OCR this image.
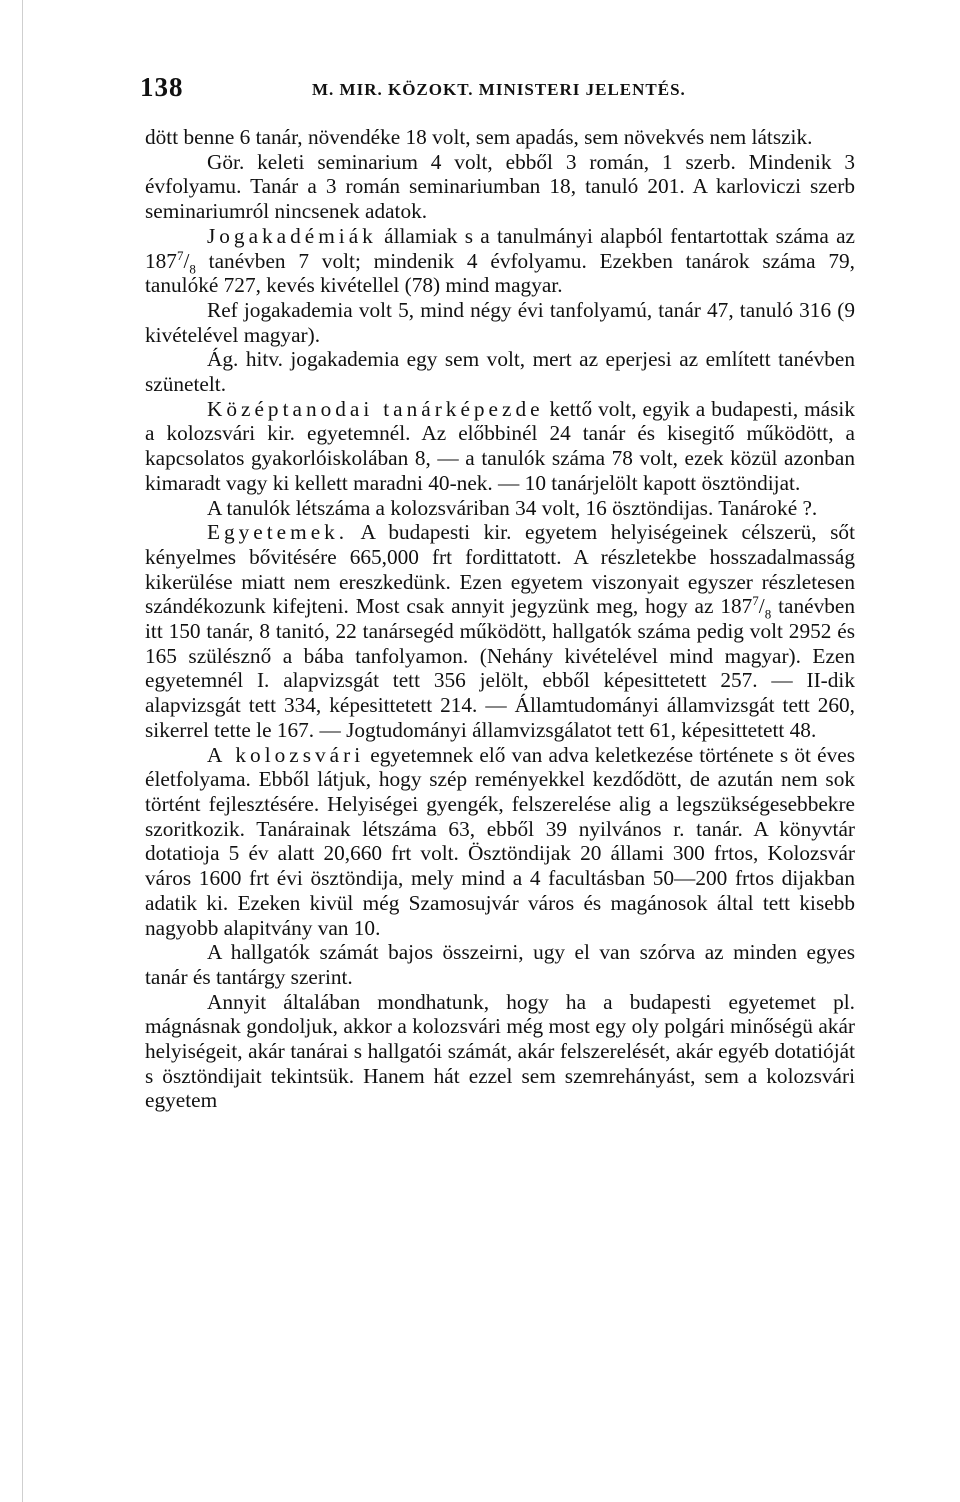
138	M. MIR. KÖZOKT. MINISTERI JELENTÉS.

dött benne 6 tanár, növendéke 18 volt, sem apadás, sem növekvés nem látszik.

Gör. keleti seminarium 4 volt, ebből 3 román, 1 szerb. Mindenik 3 évfolyamu. Tanár a 3 román seminariumban 18, tanuló 201. A karloviczi szerb seminariumról nincsenek adatok.

Jogakadémiák államiak s a tanulmányi alapból fentartottak száma az $187^7/_8$ tanévben 7 volt; mindenik 4 évfolyamu. Ezekben tanárok száma 79, tanulóké 727, kevés kivétellel (78) mind magyar.

Ref jogakademia volt 5, mind négy évi tanfolyamú, tanár 47, tanuló 316 (9 kivételével magyar).

Ág. hitv. jogakademia egy sem volt, mert az eperjesi az említett tanévben szünetelt.

Középtanodai tanárképezde kettő volt, egyik a budapesti, másik a kolozsvári kir. egyetemnél. Az előbbinél 24 tanár és kisegitő működött, a kapcsolatos gyakorlóiskolában 8, — a tanulók száma 78 volt, ezek közül azonban kimaradt vagy ki kellett maradni 40-nek. — 10 tanárjelölt kapott ösztöndijat.

A tanulók létszáma a kolozsváriban 34 volt, 16 ösztöndijas. Tanároké ?.

Egyetemek. A budapesti kir. egyetem helyiségeinek célszerü, sőt kényelmes bővitésére 665,000 frt fordittatott. A részletekbe hosszadalmasság kikerülése miatt nem ereszkedünk. Ezen egyetem viszonyait egyszer részletesen szándékozunk kifejteni. Most csak annyit jegyzünk meg, hogy az $187^7/_8$ tanévben itt 150 tanár, 8 tanitó, 22 tanársegéd működött, hallgatók száma pedig volt 2952 és 165 szülésznő a bába tanfolyamon. (Nehány kivételével mind magyar). Ezen egyetemnél I. alapvizsgát tett 356 jelölt, ebből képesittetett 257. — II-dik alapvizsgát tett 334, képesittetett 214. — Államtudományi államvizsgát tett 260, sikerrel tette le 167. — Jogtudományi államvizsgálatot tett 61, képesittetett 48.

A kolozsvári egyetemnek elő van adva keletkezése története s öt éves életfolyama. Ebből látjuk, hogy szép reményekkel kezdődött, de azután nem sok történt fejlesztésére. Helyiségei gyengék, felszerelése alig a legszükségesebbekre szoritkozik. Tanárainak létszáma 63, ebből 39 nyilvános r. tanár. A könyvtár dotatioja 5 év alatt 20,660 frt volt. Ösztöndijak 20 állami 300 frtos, Kolozsvár város 1600 frt évi ösztöndija, mely mind a 4 facultásban 50—200 frtos dijakban adatik ki. Ezeken kivül még Szamosujvár város és magánosok által tett kisebb nagyobb alapitvány van 10.

A hallgatók számát bajos összeirni, ugy el van szórva az minden egyes tanár és tantárgy szerint.

Annyit általában mondhatunk, hogy ha a budapesti egyetemet pl. mágnásnak gondoljuk, akkor a kolozsvári még most egy oly polgári minőségü akár helyiségeit, akár tanárai s hallgatói számát, akár felszerelését, akár egyéb dotatióját s ösztöndijait tekintsük. Hanem hát ezzel sem szemrehányást, sem a kolozsvári egyetem
